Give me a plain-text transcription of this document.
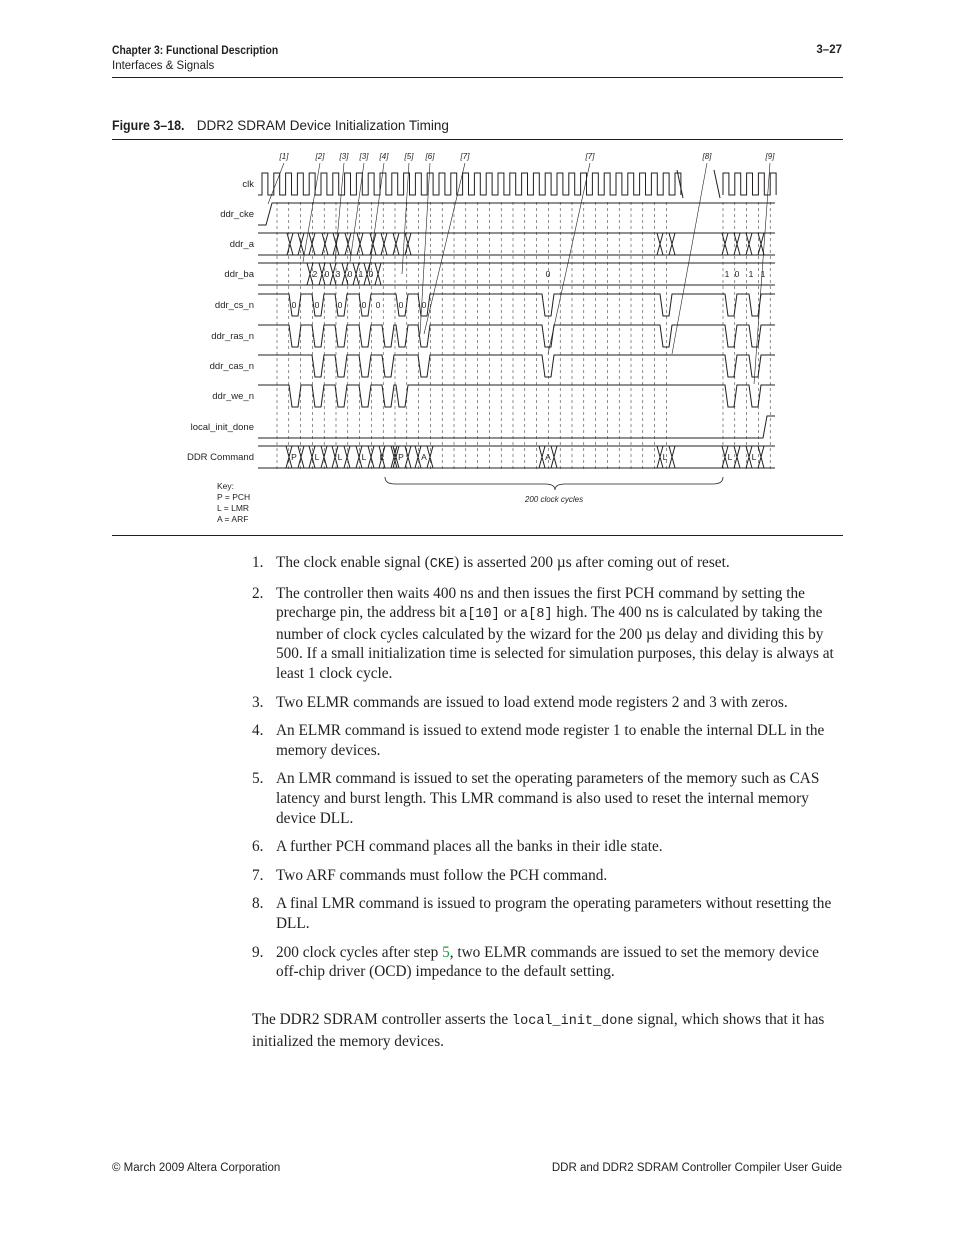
Chapter 3: Functional Description
Interfaces & Signals
3–27
Figure 3–18. DDR2 SDRAM Device Initialization Timing
clk
ddr_cke
ddr_a
ddr_ba
ddr_cs_n
ddr_ras_n
ddr_cas_n
ddr_we_n
local_init_done
DDR Command
2 0 3 0 1 0	0	1 0 1 1
0 0 0 0 0 0 0
P L L L L P A	A	L	L L
[1]	[2] [3] [3] [4] [5] [6]	[7]	[7]	[8]	[9]
200 clock cycles
Key:
P = PCH
L = LMR
A = ARF
1. The clock enable signal (CKE) is asserted 200 µs after coming out of reset.
2. The controller then waits 400 ns and then issues the first PCH command by setting the precharge pin, the address bit a[10] or a[8] high. The 400 ns is calculated by taking the number of clock cycles calculated by the wizard for the 200 µs delay and dividing this by 500. If a small initialization time is selected for simulation purposes, this delay is always at least 1 clock cycle.
3. Two ELMR commands are issued to load extend mode registers 2 and 3 with zeros.
4. An ELMR command is issued to extend mode register 1 to enable the internal DLL in the memory devices.
5. An LMR command is issued to set the operating parameters of the memory such as CAS latency and burst length. This LMR command is also used to reset the internal memory device DLL.
6. A further PCH command places all the banks in their idle state.
7. Two ARF commands must follow the PCH command.
8. A final LMR command is issued to program the operating parameters without resetting the DLL.
9. 200 clock cycles after step 5, two ELMR commands are issued to set the memory device off-chip driver (OCD) impedance to the default setting.

The DDR2 SDRAM controller asserts the local_init_done signal, which shows that it has initialized the memory devices.

© March 2009 Altera Corporation	DDR and DDR2 SDRAM Controller Compiler User Guide
